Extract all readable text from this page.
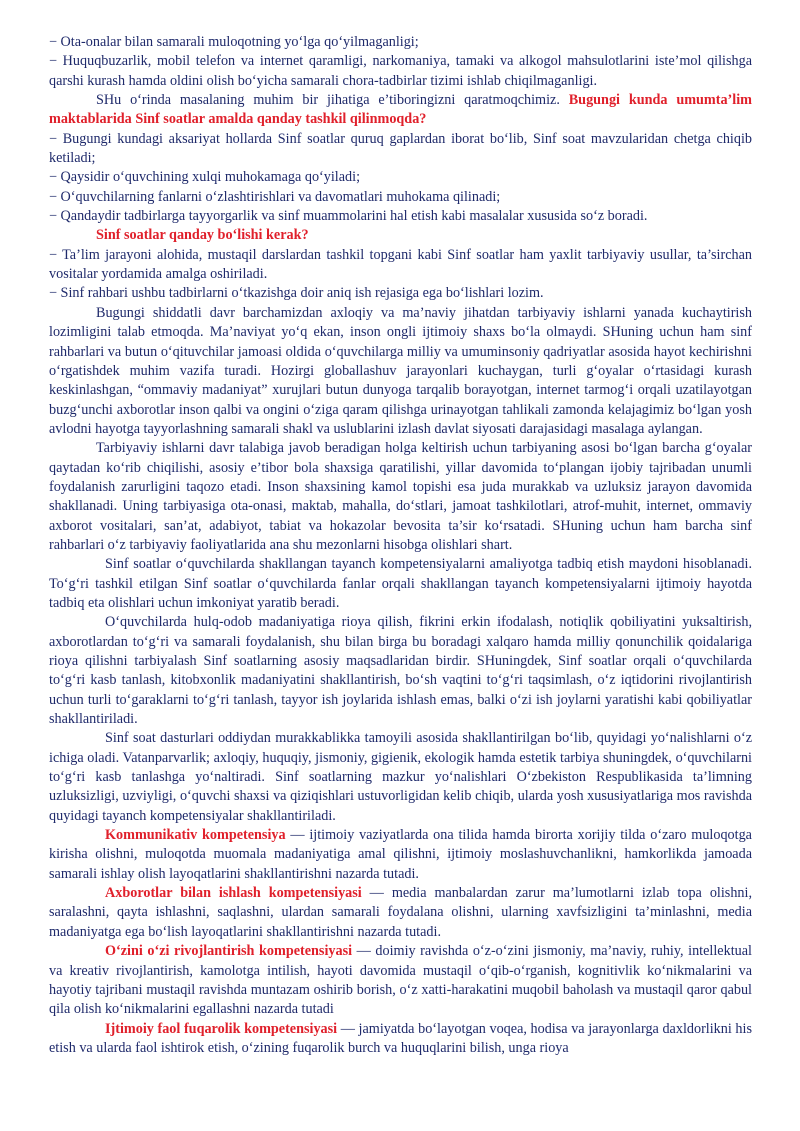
− Ota-onalar bilan samarali muloqotning yo‘lga qo‘yilmaganligi;

− Huquqbuzarlik, mobil telefon va internet qaramligi, narkomaniya, tamaki va alkogol mahsulotlarini iste’mol qilishga qarshi kurash hamda oldini olish bo‘yicha samarali chora-tadbirlar tizimi ishlab chiqilmaganligi.

SHu o‘rinda masalaning muhim bir jihatiga e’tiboringizni qaratmoqchimiz. Bugungi kunda umumta’lim maktablarida Sinf soatlar amalda qanday tashkil qilinmoqda?

− Bugungi kundagi aksariyat hollarda Sinf soatlar quruq gaplardan iborat bo‘lib, Sinf soat mavzularidan chetga chiqib ketiladi;

− Qaysidir o‘quvchining xulqi muhokamaga qo‘yiladi;

− O‘quvchilarning fanlarni o‘zlashtirishlari va davomatlari muhokama qilinadi;

− Qandaydir tadbirlarga tayyorgarlik va sinf muammolarini hal etish kabi masalalar xususida so‘z boradi.

Sinf soatlar qanday bo‘lishi kerak?

− Ta’lim jarayoni alohida, mustaqil darslardan tashkil topgani kabi Sinf soatlar ham yaxlit tarbiyaviy usullar, ta’sirchan vositalar yordamida amalga oshiriladi.

− Sinf rahbari ushbu tadbirlarni o‘tkazishga doir aniq ish rejasiga ega bo‘lishlari lozim.

Bugungi shiddatli davr barchamizdan axloqiy va ma’naviy jihatdan tarbiyaviy ishlarni yanada kuchaytirish lozimligini talab etmoqda. Ma’naviyat yo‘q ekan, inson ongli ijtimoiy shaxs bo‘la olmaydi. SHuning uchun ham sinf rahbarlari va butun o‘qituvchilar jamoasi oldida o‘quvchilarga milliy va umuminsoniy qadriyatlar asosida hayot kechirishni o‘rgatishdek muhim vazifa turadi. Hozirgi globallashuv jarayonlari kuchaygan, turli g‘oyalar o‘rtasidagi kurash keskinlashgan, “ommaviy madaniyat” xurujlari butun dunyoga tarqalib borayotgan, internet tarmog‘i orqali uzatilayotgan buzg‘unchi axborotlar inson qalbi va ongini o‘ziga qaram qilishga urinayotgan tahlikali zamonda kelajagimiz bo‘lgan yosh avlodni hayotga tayyorlashning samarali shakl va uslublarini izlash davlat siyosati darajasidagi masalaga aylangan.

Tarbiyaviy ishlarni davr talabiga javob beradigan holga keltirish uchun tarbiyaning asosi bo‘lgan barcha g‘oyalar qaytadan ko‘rib chiqilishi, asosiy e’tibor bola shaxsiga qaratilishi, yillar davomida to‘plangan ijobiy tajribadan unumli foydalanish zarurligini taqozo etadi. Inson shaxsining kamol topishi esa juda murakkab va uzluksiz jarayon davomida shakllanadi. Uning tarbiyasiga ota-onasi, maktab, mahalla, do‘stlari, jamoat tashkilotlari, atrof-muhit, internet, ommaviy axborot vositalari, san’at, adabiyot, tabiat va hokazolar bevosita ta’sir ko‘rsatadi. SHuning uchun ham barcha sinf rahbarlari o‘z tarbiyaviy faoliyatlarida ana shu mezonlarni hisobga olishlari shart.

Sinf soatlar o‘quvchilarda shakllangan tayanch kompetensiyalarni amaliyotga tadbiq etish maydoni hisoblanadi. To‘g‘ri tashkil etilgan Sinf soatlar o‘quvchilarda fanlar orqali shakllangan tayanch kompetensiyalarni ijtimoiy hayotda tadbiq eta olishlari uchun imkoniyat yaratib beradi.

O‘quvchilarda hulq-odob madaniyatiga rioya qilish, fikrini erkin ifodalash, notiqlik qobiliyatini yuksaltirish, axborotlardan to‘g‘ri va samarali foydalanish, shu bilan birga bu boradagi xalqaro hamda milliy qonunchilik qoidalariga rioya qilishni tarbiyalash Sinf soatlarning asosiy maqsadlaridan birdir. SHuningdek, Sinf soatlar orqali o‘quvchilarda to‘g‘ri kasb tanlash, kitobxonlik madaniyatini shakllantirish, bo‘sh vaqtini to‘g‘ri taqsimlash, o‘z iqtidorini rivojlantirish uchun turli to‘garaklarni to‘g‘ri tanlash, tayyor ish joylarida ishlash emas, balki o‘zi ish joylarni yaratishi kabi qobiliyatlar shakllantiriladi.

Sinf soat dasturlari oddiydan murakkablikka tamoyili asosida shakllantirilgan bo‘lib, quyidagi yo‘nalishlarni o‘z ichiga oladi. Vatanparvarlik; axloqiy, huquqiy, jismoniy, gigienik, ekologik hamda estetik tarbiya shuningdek, o‘quvchilarni to‘g‘ri kasb tanlashga yo‘naltiradi. Sinf soatlarning mazkur yo‘nalishlari O‘zbekiston Respublikasida ta’limning uzluksizligi, uzviyligi, o‘quvchi shaxsi va qiziqishlari ustuvorligidan kelib chiqib, ularda yosh xususiyatlariga mos ravishda quyidagi tayanch kompetensiyalar shakllantiriladi.

Kommunikativ kompetensiya — ijtimoiy vaziyatlarda ona tilida hamda birorta xorijiy tilda o‘zaro muloqotga kirisha olishni, muloqotda muomala madaniyatiga amal qilishni, ijtimoiy moslashuvchanlikni, hamkorlikda jamoada samarali ishlay olish layoqatlarini shakllantirishni nazarda tutadi.

Axborotlar bilan ishlash kompetensiyasi — media manbalardan zarur ma’lumotlarni izlab topa olishni, saralashni, qayta ishlashni, saqlashni, ulardan samarali foydalana olishni, ularning xavfsizligini ta’minlashni, media madaniyatga ega bo‘lish layoqatlarini shakllantirishni nazarda tutadi.

O‘zini o‘zi rivojlantirish kompetensiyasi — doimiy ravishda o‘z-o‘zini jismoniy, ma’naviy, ruhiy, intellektual va kreativ rivojlantirish, kamolotga intilish, hayoti davomida mustaqil o‘qib-o‘rganish, kognitivlik ko‘nikmalarini va hayotiy tajribani mustaqil ravishda muntazam oshirib borish, o‘z xatti-harakatini muqobil baholash va mustaqil qaror qabul qila olish ko‘nikmalarini egallashni nazarda tutadi

Ijtimoiy faol fuqarolik kompetensiyasi — jamiyatda bo‘layotgan voqea, hodisa va jarayonlarga daxldorlikni his etish va ularda faol ishtirok etish, o‘zining fuqarolik burch va huquqlarini bilish, unga rioya
